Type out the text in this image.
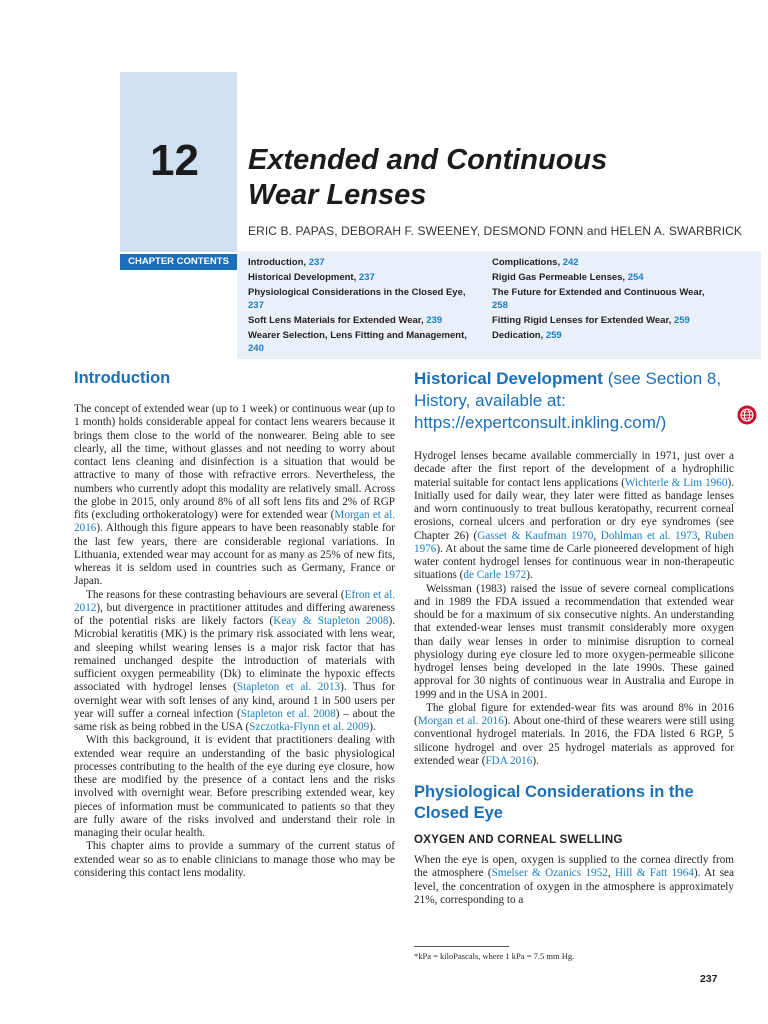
12 Extended and Continuous
Wear Lenses

ERIC B. PAPAS, DEBORAH F. SWEENEY, DESMOND FONN and HELEN A. SWARBRICK

CHAPTER CONTENTS	Introduction, 237
Historical Development, 237
Physiological Considerations in the Closed Eye, 237
Soft Lens Materials for Extended Wear, 239
Wearer Selection, Lens Fitting and Management, 240
Complications, 242
Rigid Gas Permeable Lenses, 254
The Future for Extended and Continuous Wear, 258
Fitting Rigid Lenses for Extended Wear, 259
Dedication, 259
Introduction

The concept of extended wear (up to 1 week) or continuous wear (up to 1 month) holds considerable appeal for contact lens wearers because it brings them close to the world of the nonwearer. Being able to see clearly, all the time, without glasses and not needing to worry about contact lens cleaning and disinfection is a situation that would be attractive to many of those with refractive errors. Nevertheless, the numbers who currently adopt this modality are relatively small. Across the globe in 2015, only around 8% of all soft lens fits and 2% of RGP fits (excluding orthokeratology) were for extended wear (Morgan et al. 2016). Although this figure appears to have been reasonably stable for the last few years, there are considerable regional variations. In Lithuania, extended wear may account for as many as 25% of new fits, whereas it is seldom used in countries such as Germany, France or Japan.

The reasons for these contrasting behaviours are several (Efron et al. 2012), but divergence in practitioner attitudes and differing awareness of the potential risks are likely factors (Keay & Stapleton 2008). Microbial keratitis (MK) is the primary risk associated with lens wear, and sleeping whilst wearing lenses is a major risk factor that has remained unchanged despite the introduction of materials with sufficient oxygen permeability (Dk) to eliminate the hypoxic effects associated with hydrogel lenses (Stapleton et al. 2013). Thus for overnight wear with soft lenses of any kind, around 1 in 500 users per year will suffer a corneal infection (Stapleton et al. 2008) – about the same risk as being robbed in the USA (Szczotka-Flynn et al. 2009).

With this background, it is evident that practitioners dealing with extended wear require an understanding of the basic physiological processes contributing to the health of the eye during eye closure, how these are modified by the presence of a contact lens and the risks involved with overnight wear. Before prescribing extended wear, key pieces of information must be communicated to patients so that they are fully aware of the risks involved and understand their role in managing their ocular health.

This chapter aims to provide a summary of the current status of extended wear so as to enable clinicians to manage those who may be considering this contact lens modality.

Historical Development (see Section 8, History, available at: https://expertconsult.inkling.com/)

Hydrogel lenses became available commercially in 1971, just over a decade after the first report of the development of a hydrophilic material suitable for contact lens applications (Wichterle & Lim 1960). Initially used for daily wear, they later were fitted as bandage lenses and worn continuously to treat bullous keratopathy, recurrent corneal erosions, corneal ulcers and perforation or dry eye syndromes (see Chapter 26) (Gasset & Kaufman 1970, Dohlman et al. 1973, Ruben 1976). At about the same time de Carle pioneered development of high water content hydrogel lenses for continuous wear in non-therapeutic situations (de Carle 1972).

Weissman (1983) raised the issue of severe corneal complications and in 1989 the FDA issued a recommendation that extended wear should be for a maximum of six consecutive nights. An understanding that extended-wear lenses must transmit considerably more oxygen than daily wear lenses in order to minimise disruption to corneal physiology during eye closure led to more oxygen-permeable silicone hydrogel lenses being developed in the late 1990s. These gained approval for 30 nights of continuous wear in Australia and Europe in 1999 and in the USA in 2001.

The global figure for extended-wear fits was around 8% in 2016 (Morgan et al. 2016). About one-third of these wearers were still using conventional hydrogel materials. In 2016, the FDA listed 6 RGP, 5 silicone hydrogel and over 25 hydrogel materials as approved for extended wear (FDA 2016).

Physiological Considerations in the Closed Eye
OXYGEN AND CORNEAL SWELLING

When the eye is open, oxygen is supplied to the cornea directly from the atmosphere (Smelser & Ozanics 1952, Hill & Fatt 1964). At sea level, the concentration of oxygen in the atmosphere is approximately 21%, corresponding to a

*kPa = kiloPascals, where 1 kPa = 7.5 mm Hg.

237
